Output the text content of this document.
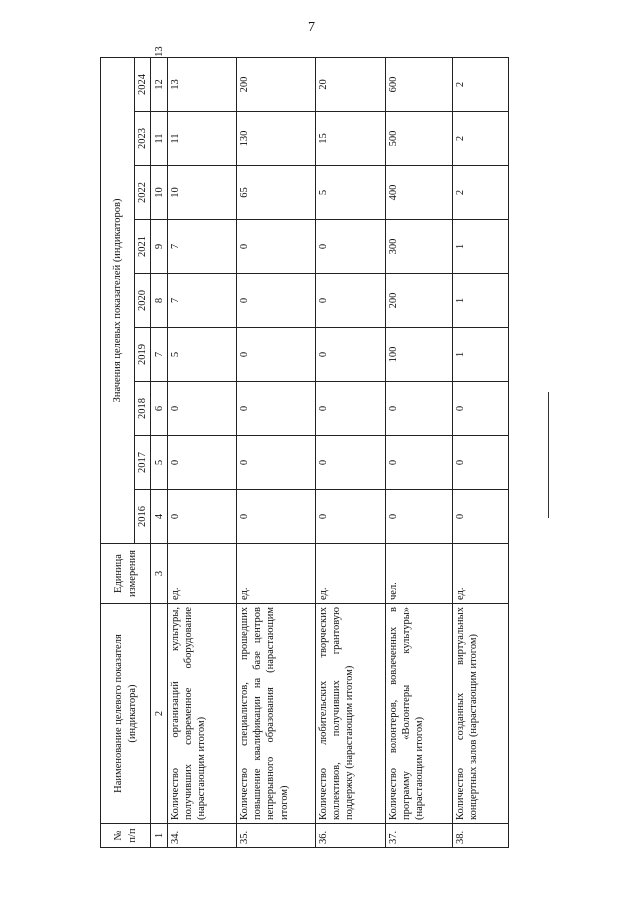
7
№ п/п	Наименование целевого показателя (индикатора)	Единица измерения	Значения целевых показателей (индикаторов)									
			2016	2017	2018	2019	2020	2021	2022	2023	2024	
1	2	3	4	5	6	7	8	9	10	11	12	13
34.	Количество организаций культуры, получивших современное оборудование (нарастающим итогом)	ед.	0	0	0	5	7	7	10	11	13	
35.	Количество специалистов, прошедших повышение квалификации на базе центров непрерывного образования (нарастающим итогом)	ед.	0	0	0	0	0	0	65	130	200	
36.	Количество любительских творческих коллективов, получивших грантовую поддержку (нарастающим итогом)	ед.	0	0	0	0	0	0	5	15	20	
37.	Количество волонтеров, вовлеченных в программу «Волонтеры культуры» (нарастающим итогом)	чел.	0	0	0	100	200	300	400	500	600	
38.	Количество созданных виртуальных концертных залов (нарастающим итогом)	ед.	0	0	0	1	1	1	2	2	2	
